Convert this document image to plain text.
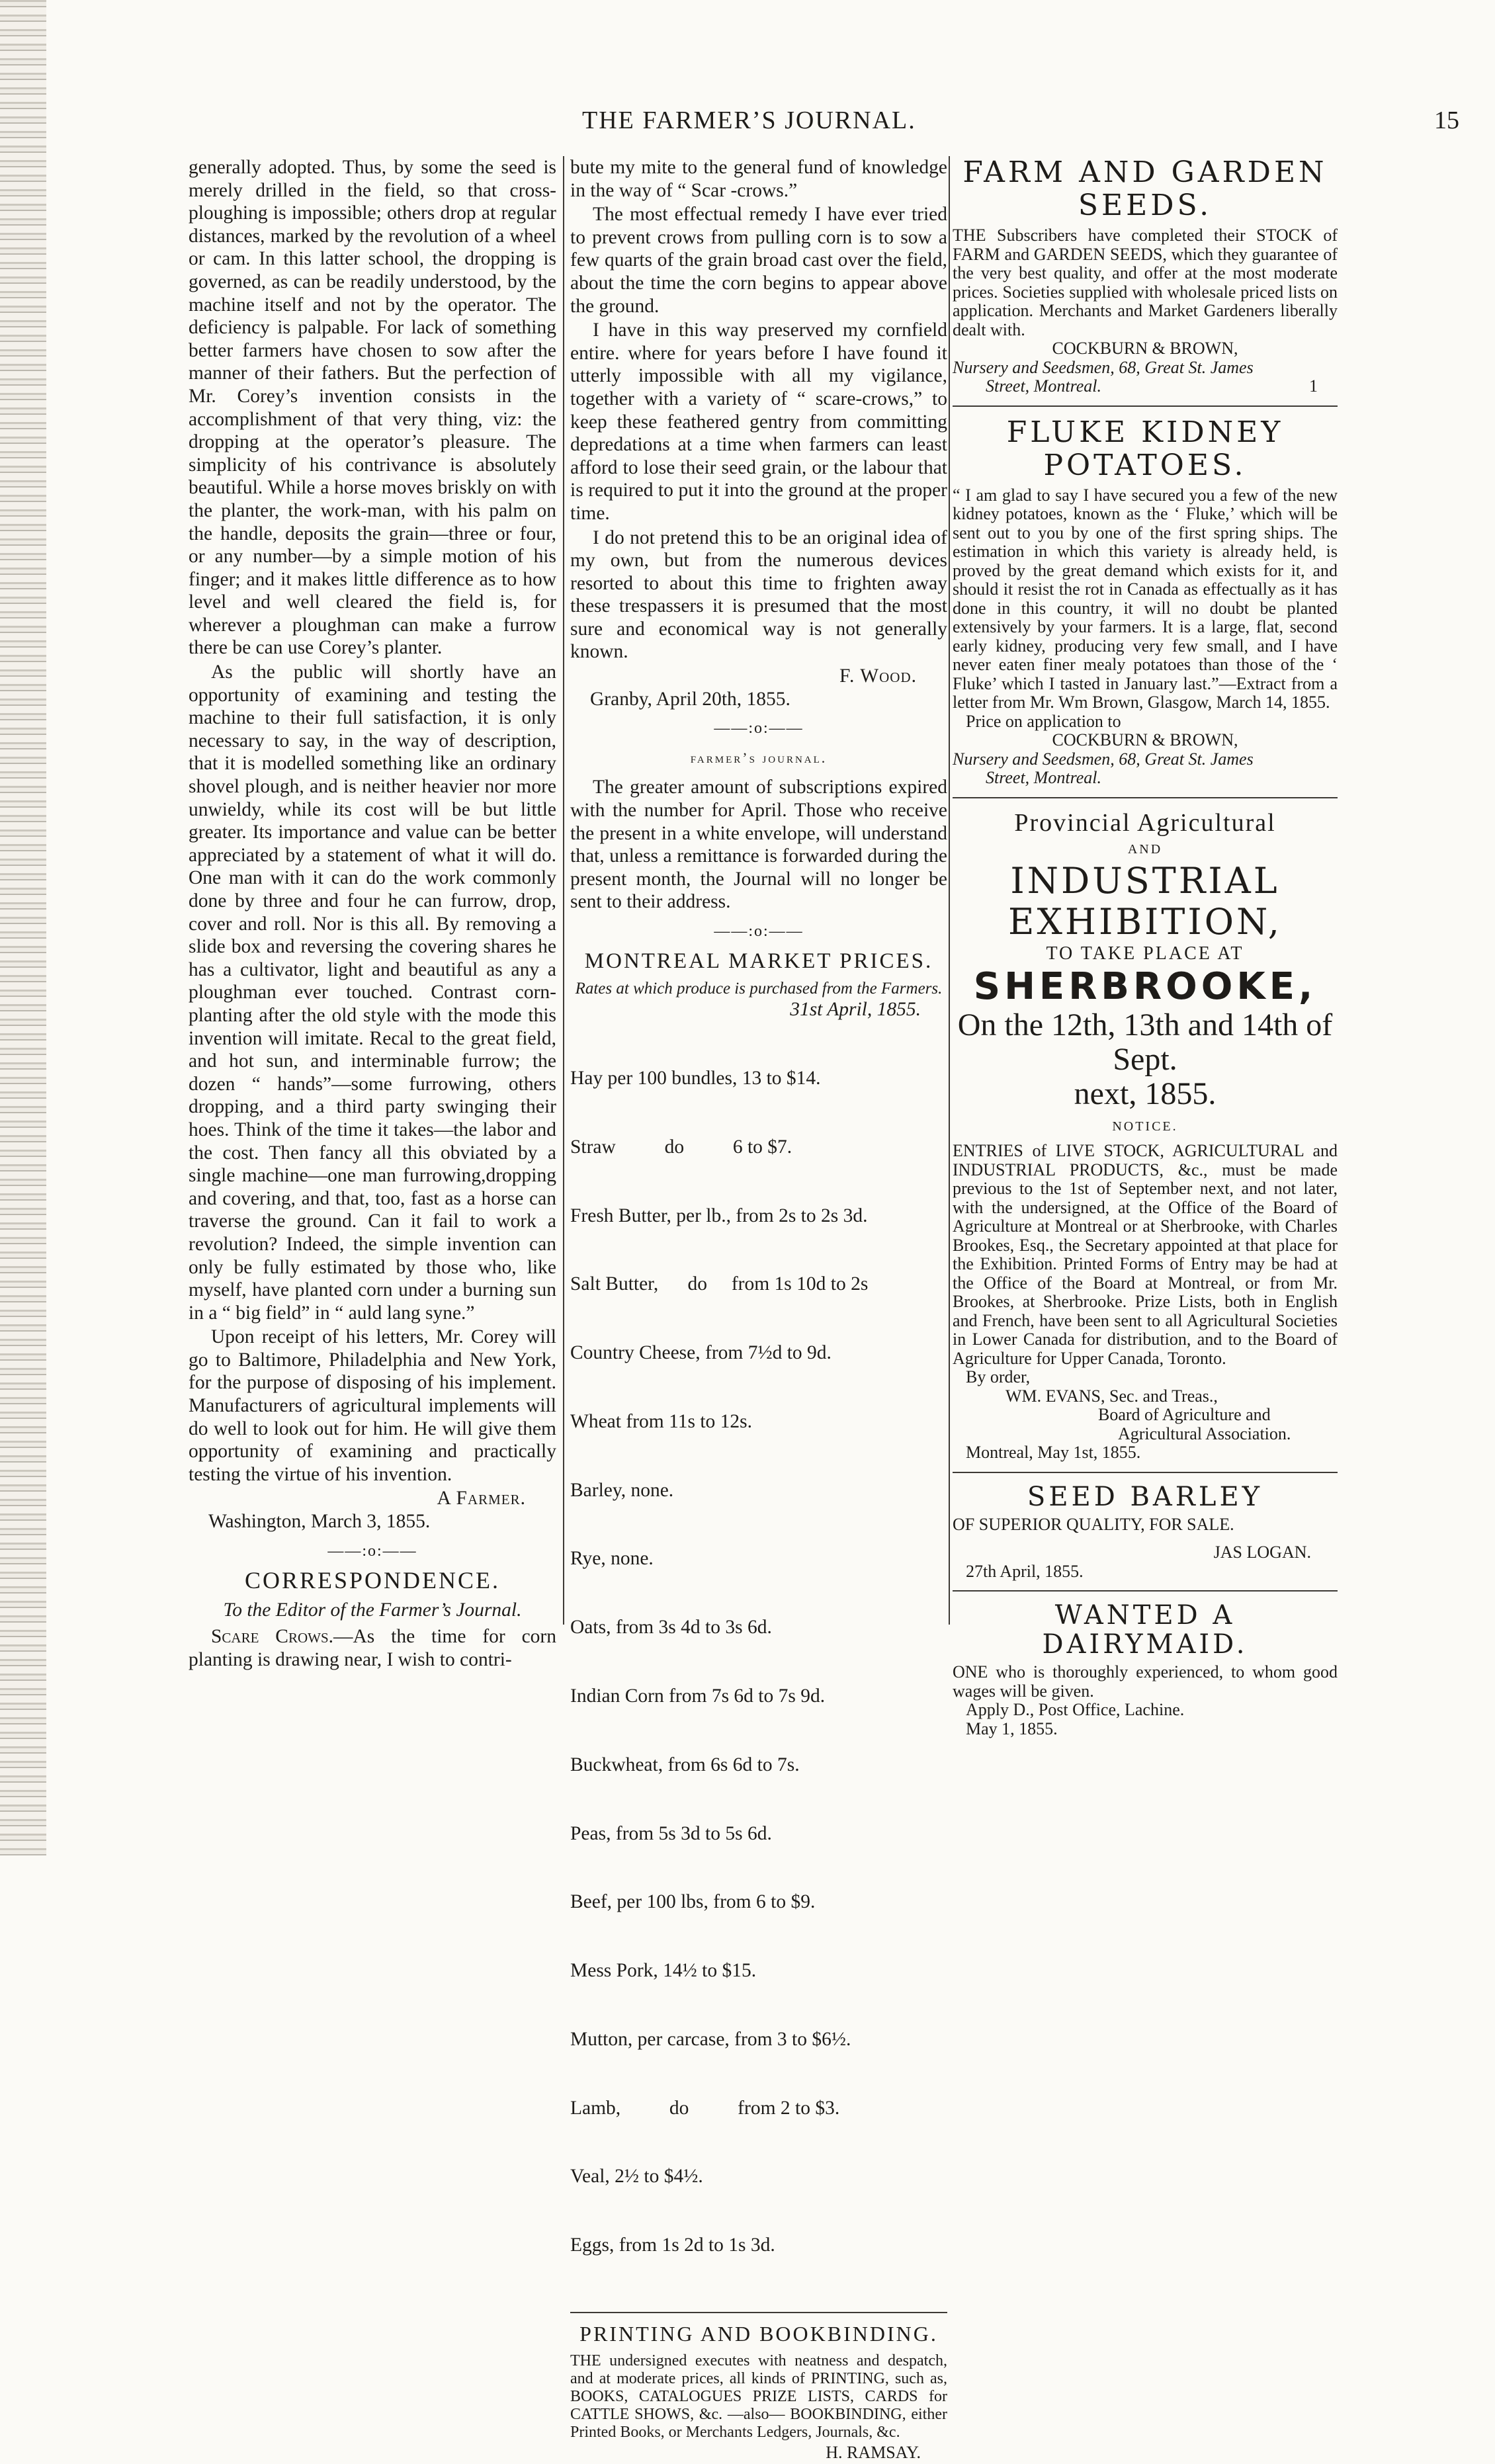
THE FARMER’S JOURNAL.	15

generally adopted. Thus, by some the seed is merely drilled in the field, so that cross-ploughing is impossible; others drop at regular distances, marked by the revolution of a wheel or cam. In this latter school, the dropping is governed, as can be readily understood, by the machine itself and not by the operator. The deficiency is palpable. For lack of something better farmers have chosen to sow after the manner of their fathers. But the perfection of Mr. Corey’s invention consists in the accomplishment of that very thing, viz: the dropping at the operator’s pleasure. The simplicity of his contrivance is absolutely beautiful. While a horse moves briskly on with the planter, the work-man, with his palm on the handle, deposits the grain—three or four, or any number—by a simple motion of his finger; and it makes little difference as to how level and well cleared the field is, for wherever a ploughman can make a furrow there be can use Corey’s planter.

As the public will shortly have an opportunity of examining and testing the machine to their full satisfaction, it is only necessary to say, in the way of description, that it is modelled something like an ordinary shovel plough, and is neither heavier nor more unwieldy, while its cost will be but little greater. Its importance and value can be better appreciated by a statement of what it will do. One man with it can do the work commonly done by three and four he can furrow, drop, cover and roll. Nor is this all. By removing a slide box and reversing the covering shares he has a cultivator, light and beautiful as any a ploughman ever touched. Contrast corn-planting after the old style with the mode this invention will imitate. Recal to the great field, and hot sun, and interminable furrow; the dozen “ hands”—some furrowing, others dropping, and a third party swinging their hoes. Think of the time it takes—the labor and the cost. Then fancy all this obviated by a single machine—one man furrowing,dropping and covering, and that, too, fast as a horse can traverse the ground. Can it fail to work a revolution? Indeed, the simple invention can only be fully estimated by those who, like myself, have planted corn under a burning sun in a “ big field” in “ auld lang syne.”

Upon receipt of his letters, Mr. Corey will go to Baltimore, Philadelphia and New York, for the purpose of disposing of his implement. Manufacturers of agricultural implements will do well to look out for him. He will give them opportunity of examining and practically testing the virtue of his invention.

A Farmer.
Washington, March 3, 1855.
——:o:——
CORRESPONDENCE.
To the Editor of the Farmer’s Journal.

Scare Crows.—As the time for corn planting is drawing near, I wish to contri-

bute my mite to the general fund of knowledge in the way of “ Scar -crows.”

The most effectual remedy I have ever tried to prevent crows from pulling corn is to sow a few quarts of the grain broad cast over the field, about the time the corn begins to appear above the ground.

I have in this way preserved my cornfield entire. where for years before I have found it utterly impossible with all my vigilance, together with a variety of “ scare-crows,” to keep these feathered gentry from committing depredations at a time when farmers can least afford to lose their seed grain, or the labour that is required to put it into the ground at the proper time.

I do not pretend this to be an original idea of my own, but from the numerous devices resorted to about this time to frighten away these trespassers it is presumed that the most sure and economical way is not generally known.

F. Wood.
Granby, April 20th, 1855.
——:o:——
farmer’s journal.

The greater amount of subscriptions expired with the number for April. Those who receive the present in a white envelope, will understand that, unless a remittance is forwarded during the present month, the Journal will no longer be sent to their address.

——:o:——
MONTREAL MARKET PRICES.
Rates at which produce is purchased from the Farmers.
31st April, 1855.

Hay per 100 bundles, 13 to $14.

Straw          do          6 to $7.

Fresh Butter, per lb., from 2s to 2s 3d.

Salt Butter,      do     from 1s 10d to 2s

Country Cheese, from 7½d to 9d.

Wheat from 11s to 12s.

Barley, none.

Rye, none.

Oats, from 3s 4d to 3s 6d.

Indian Corn from 7s 6d to 7s 9d.

Buckwheat, from 6s 6d to 7s.

Peas, from 5s 3d to 5s 6d.

Beef, per 100 lbs, from 6 to $9.

Mess Pork, 14½ to $15.

Mutton, per carcase, from 3 to $6½.

Lamb,          do          from 2 to $3.

Veal, 2½ to $4½.

Eggs, from 1s 2d to 1s 3d.

PRINTING AND BOOKBINDING.
THE undersigned executes with neatness and despatch, and at moderate prices, all kinds of PRINTING, such as, BOOKS, CATALOGUES PRIZE LISTS, CARDS for CATTLE SHOWS, &c. —also— BOOKBINDING, either Printed Books, or Merchants Ledgers, Journals, &c.
H. RAMSAY.
FARM AND GARDEN SEEDS.
THE Subscribers have completed their STOCK of FARM and GARDEN SEEDS, which they guarantee of the very best quality, and offer at the most moderate prices. Societies supplied with wholesale priced lists on application. Merchants and Market Gardeners liberally dealt with.
COCKBURN & BROWN,
Nursery and Seedsmen, 68, Great St. James
Street, Montreal.	1
FLUKE KIDNEY POTATOES.
“ I am glad to say I have secured you a few of the new kidney potatoes, known as the ‘ Fluke,’ which will be sent out to you by one of the first spring ships. The estimation in which this variety is already held, is proved by the great demand which exists for it, and should it resist the rot in Canada as effectually as it has done in this country, it will no doubt be planted extensively by your farmers. It is a large, flat, second early kidney, producing very few small, and I have never eaten finer mealy potatoes than those of the ‘ Fluke’ which I tasted in January last.”—Extract from a letter from Mr. Wm Brown, Glasgow, March 14, 1855.
Price on application to
COCKBURN & BROWN,
Nursery and Seedsmen, 68, Great St. James
Street, Montreal.
Provincial Agricultural
AND
INDUSTRIAL EXHIBITION,
TO TAKE PLACE AT
SHERBROOKE,
On the 12th, 13th and 14th of Sept.
next, 1855.
NOTICE.
ENTRIES of LIVE STOCK, AGRICULTURAL and INDUSTRIAL PRODUCTS, &c., must be made previous to the 1st of September next, and not later, with the undersigned, at the Office of the Board of Agriculture at Montreal or at Sherbrooke, with Charles Brookes, Esq., the Secretary appointed at that place for the Exhibition. Printed Forms of Entry may be had at the Office of the Board at Montreal, or from Mr. Brookes, at Sherbrooke. Prize Lists, both in English and French, have been sent to all Agricultural Societies in Lower Canada for distribution, and to the Board of Agriculture for Upper Canada, Toronto.
By order,
WM. EVANS, Sec. and Treas.,
Board of Agriculture and
Agricultural Association.
Montreal, May 1st, 1855.
SEED BARLEY
OF SUPERIOR QUALITY, FOR SALE.
JAS LOGAN.
27th April, 1855.
WANTED A DAIRYMAID.
ONE who is thoroughly experienced, to whom good wages will be given.
Apply D., Post Office, Lachine.
May 1, 1855.
